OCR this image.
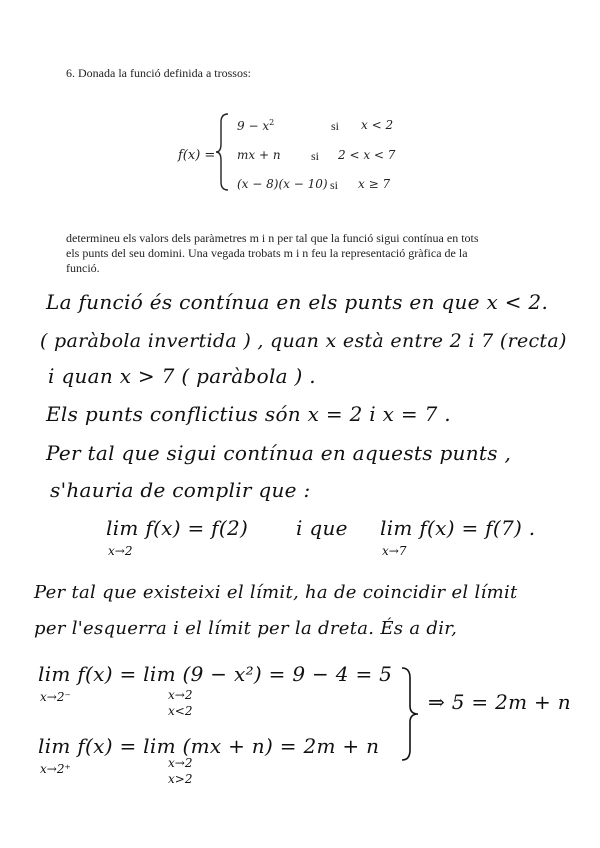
6. Donada la funció definida a trossos:
f(x) =
$9 - x^2$	si x < 2
mx + n	si 2 < x < 7
(x − 8)(x − 10) si x ≥ 7
determineu els valors dels paràmetres m i n per tal que la funció sigui contínua en tots
els punts del seu domini. Una vegada trobats m i n feu la representació gràfica de la
funció.
La funció és contínua en els punts en que x < 2.
( paràbola invertida ) , quan x està entre 2 i 7 (recta)
i quan x > 7 ( paràbola ) .
Els punts conflictius són x = 2 i x = 7 .
Per tal que sigui contínua en aquests punts ,
s'hauria de complir que :
lim f(x) = f(2)
x→2
i que lim f(x) = f(7) .
x→7
Per tal que existeixi el límit, ha de coincidir el límit
per l'esquerra i el límit per la dreta. És a dir,
lim f(x) = lim (9 − x²) = 9 − 4 = 5
x→2⁻	x→2
x<2
lim f(x) = lim (mx + n) = 2m + n
x→2⁺	x→2
x>2
⇒ 5 = 2m + n
